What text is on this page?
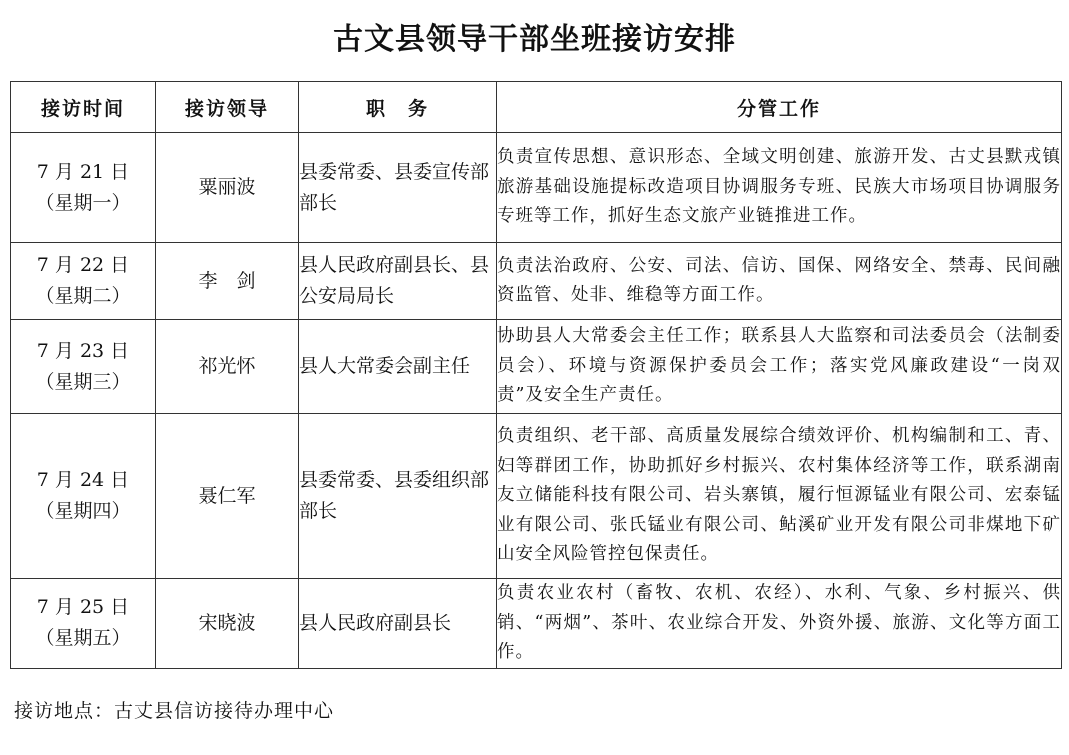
古文县领导干部坐班接访安排
接访时间	接访领导	职　务	分管工作

7 月 21 日
（星期一）	粟丽波	县委常委、县委宣传部部长	负责宣传思想、意识形态、全域文明创建、旅游开发、古丈县默戎镇旅游基础设施提标改造项目协调服务专班、民族大市场项目协调服务专班等工作，抓好生态文旅产业链推进工作。

7 月 22 日
（星期二）	李　剑	县人民政府副县长、县公安局局长	负责法治政府、公安、司法、信访、国保、网络安全、禁毒、民间融资监管、处非、维稳等方面工作。

7 月 23 日
（星期三）	祁光怀	县人大常委会副主任	协助县人大常委会主任工作；联系县人大监察和司法委员会（法制委员会）、环境与资源保护委员会工作；落实党风廉政建设“一岗双责”及安全生产责任。

7 月 24 日
（星期四）	聂仁军	县委常委、县委组织部部长	负责组织、老干部、高质量发展综合绩效评价、机构编制和工、青、妇等群团工作，协助抓好乡村振兴、农村集体经济等工作，联系湖南友立储能科技有限公司、岩头寨镇，履行恒源锰业有限公司、宏泰锰业有限公司、张氏锰业有限公司、鲇溪矿业开发有限公司非煤地下矿山安全风险管控包保责任。

7 月 25 日
（星期五）	宋晓波	县人民政府副县长	负责农业农村（畜牧、农机、农经）、水利、气象、乡村振兴、供销、“两烟”、茶叶、农业综合开发、外资外援、旅游、文化等方面工作。
接访地点：古丈县信访接待办理中心
